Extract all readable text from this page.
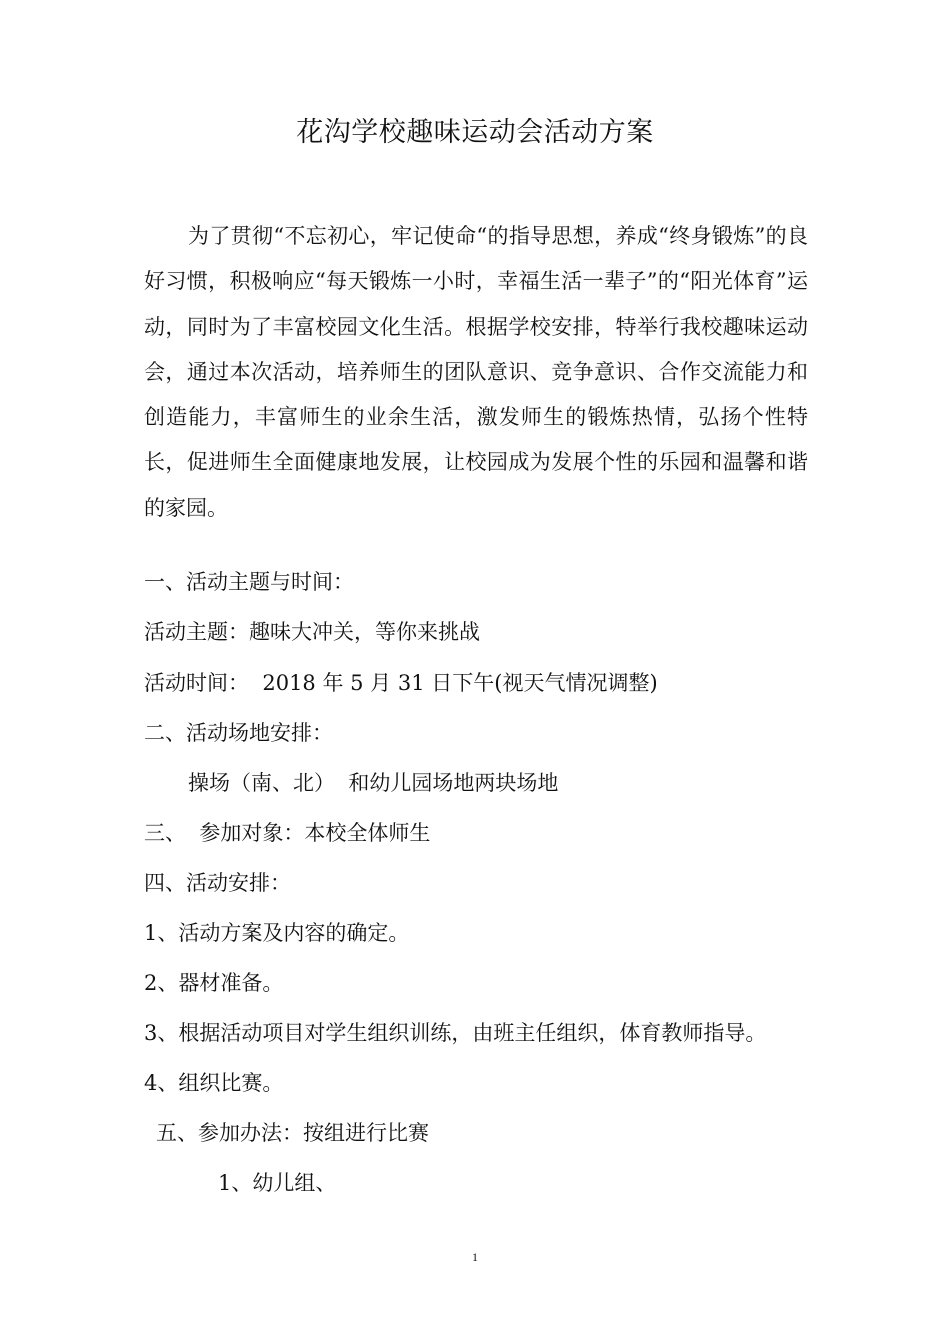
花沟学校趣味运动会活动方案
为了贯彻“不忘初心，牢记使命“的指导思想，养成“终身锻炼”的良好习惯，积极响应“每天锻炼一小时，幸福生活一辈子”的“阳光体育”运动，同时为了丰富校园文化生活。根据学校安排，特举行我校趣味运动会，通过本次活动，培养师生的团队意识、竞争意识、合作交流能力和创造能力，丰富师生的业余生活，激发师生的锻炼热情，弘扬个性特长，促进师生全面健康地发展，让校园成为发展个性的乐园和温馨和谐的家园。
一、活动主题与时间：
活动主题：趣味大冲关，等你来挑战
活动时间：  2018 年 5 月 31 日下午(视天气情况调整)
二、活动场地安排：
操场（南、北）  和幼儿园场地两块场地
三、  参加对象：本校全体师生
四、活动安排：
1、活动方案及内容的确定。
2、器材准备。
3、根据活动项目对学生组织训练，由班主任组织，体育教师指导。
4、组织比赛。
五、参加办法：按组进行比赛
1、幼儿组、
1
